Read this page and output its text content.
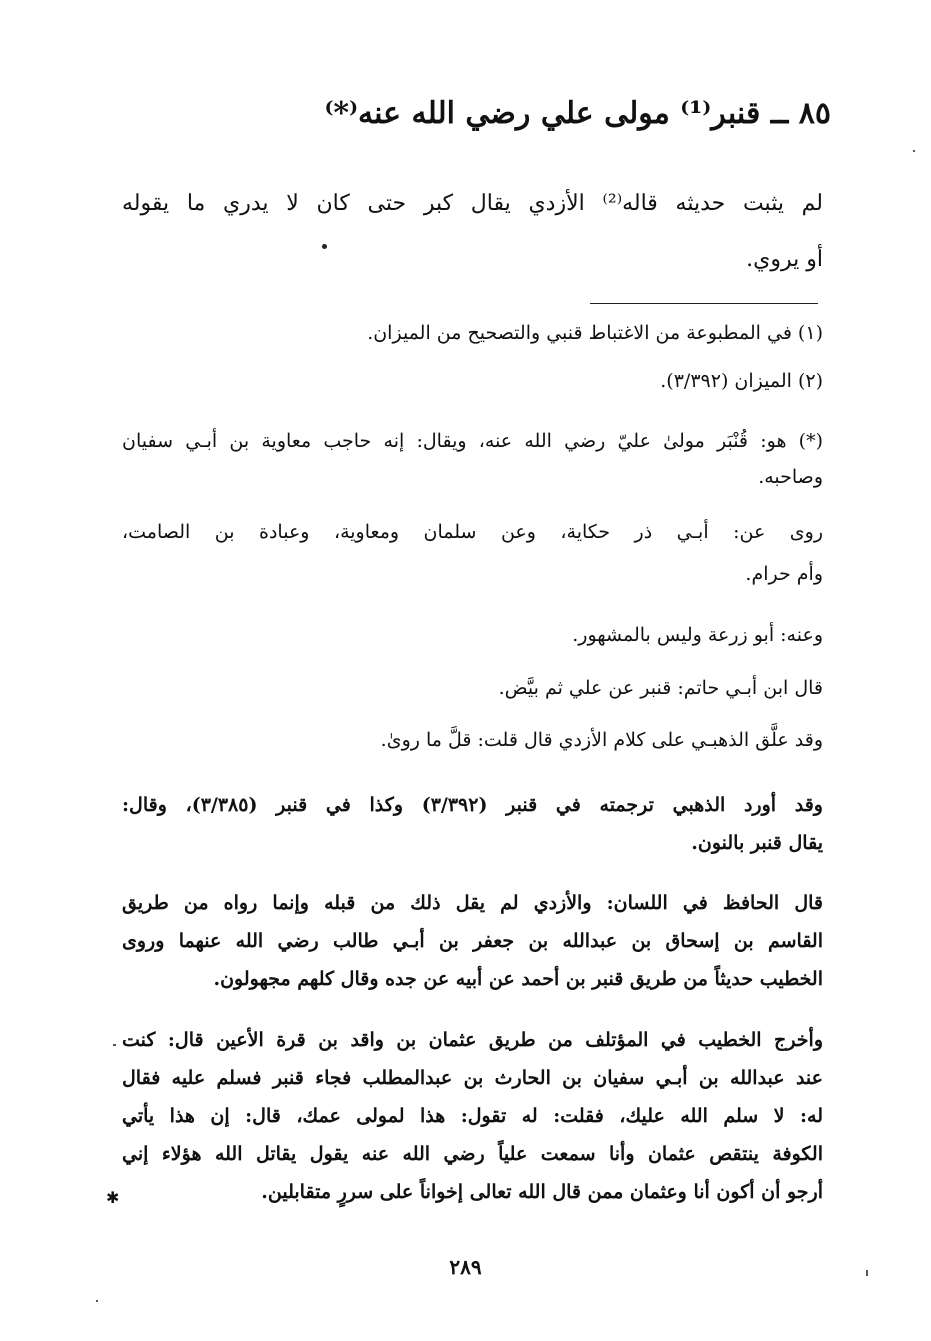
٨٥ ــ قنبر⁽¹⁾ مولى علي رضي الله عنه⁽*⁾

لم يثبت حديثه قاله⁽²⁾ الأزدي يقال كبر حتى كان لا يدري ما يقوله

أو يروي.

(١) في المطبوعة من الاغتباط قنبي والتصحيح من الميزان.

(٢) الميزان (٣/٣٩٢).

(*) هو: قُنْبَر مولىٰ عليّ رضي الله عنه، ويقال: إنه حاجب معاوية بن أبـي سفيان

وصاحبه.

روى عن: أبـي ذر حكاية، وعن سلمان ومعاوية، وعبادة بن الصامت،

وأم حرام.

وعنه: أبو زرعة وليس بالمشهور.

قال ابن أبـي حاتم: قنبر عن علي ثم بيَّض.

وقد علَّق الذهبـي على كلام الأزدي قال قلت: قلَّ ما روىٰ.

وقد أورد الذهبي ترجمته في قنبر (٣/٣٩٢) وكذا في قنبر (٣/٣٨٥)، وقال:

يقال قنبر بالنون.

قال الحافظ في اللسان: والأزدي لم يقل ذلك من قبله وإنما رواه من طريق

القاسم بن إسحاق بن عبدالله بن جعفر بن أبـي طالب رضي الله عنهما وروى

الخطيب حديثاً من طريق قنبر بن أحمد عن أبيه عن جده وقال كلهم مجهولون.

وأخرج الخطيب في المؤتلف من طريق عثمان بن واقد بن قرة الأعين قال: كنت

عند عبدالله بن أبـي سفيان بن الحارث بن عبدالمطلب فجاء قنبر فسلم عليه فقال

له: لا سلم الله عليك، فقلت: له تقول: هذا لمولى عمك، قال: إن هذا يأتي

الكوفة ينتقص عثمان وأنا سمعت علياً رضي الله عنه يقول يقاتل الله هؤلاء إني

أرجو أن أكون أنا وعثمان ممن قال الله تعالى إخواناً على سررٍ متقابلين.

٢٨٩
✱
